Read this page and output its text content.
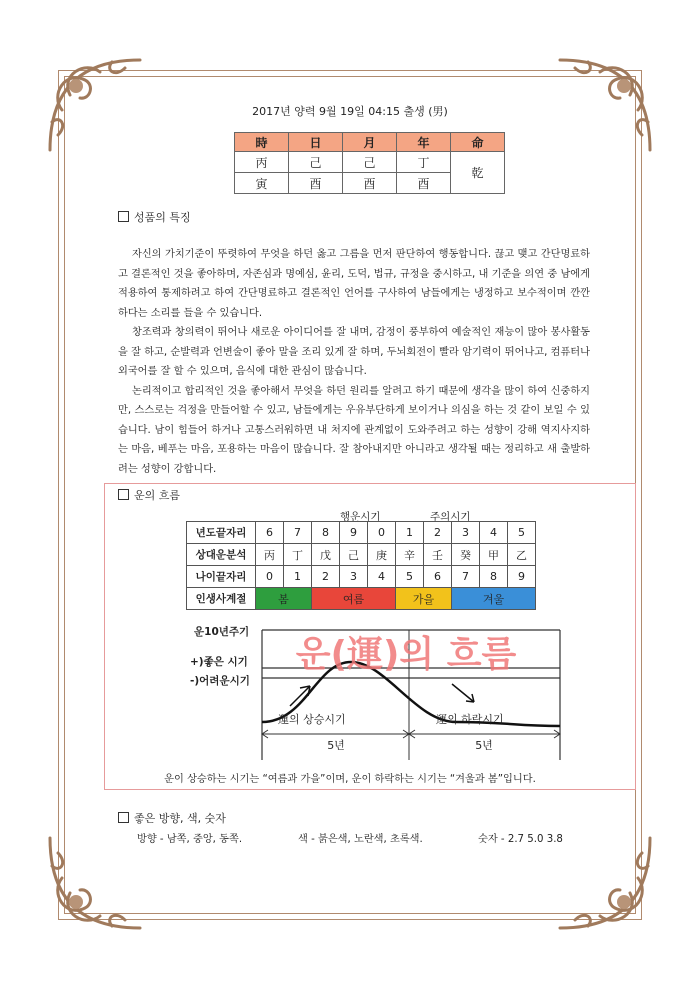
2017년 양력 9월 19일 04:15 출생 (男)
時	日	月	年	命
丙	己	己	丁	乾
寅	酉	酉	酉	
성품의 특징

자신의 가치기준이 뚜렷하여 무엇을 하던 옳고 그름을 먼저 판단하여 행동합니다. 끊고 맺고 간단명료하고 결론적인 것을 좋아하며, 자존심과 명예심, 윤리, 도덕, 법규, 규정을 중시하고, 내 기준을 의연 중 남에게 적용하여 통제하려고 하여 간단명료하고 결론적인 언어를 구사하여 남들에게는 냉정하고 보수적이며 깐깐하다는 소리를 들을 수 있습니다.

창조력과 창의력이 뛰어나 새로운 아이디어를 잘 내며, 감정이 풍부하여 예술적인 재능이 많아 봉사활동을 잘 하고, 순발력과 언변술이 좋아 말을 조리 있게 잘 하며, 두뇌회전이 빨라 암기력이 뛰어나고, 컴퓨터나 외국어를 잘 할 수 있으며, 음식에 대한 관심이 많습니다.

논리적이고 합리적인 것을 좋아해서 무엇을 하던 원리를 알려고 하기 때문에 생각을 많이 하여 신중하지만, 스스로는 걱정을 만들어할 수 있고, 남들에게는 우유부단하게 보이거나 의심을 하는 것 같이 보일 수 있습니다. 남이 힘들어 하거나 고통스러워하면 내 처지에 관계없이 도와주려고 하는 성향이 강해 역지사지하는 마음, 베푸는 마음, 포용하는 마음이 많습니다. 잘 참아내지만 아니라고 생각될 때는 정리하고 새 출발하려는 성향이 강합니다.

운의 흐름
행운시기	주의시기
년도끝자리	6	7	8	9	0	1	2	3	4	5
상대운분석	丙	丁	戊	己	庚	辛	壬	癸	甲	乙
나이끝자리	0	1	2	3	4	5	6	7	8	9
인생사계절	봄		여름			가을		겨울		
운10년주기
+)좋은 시기
-)어려운시기
운(運)의 흐름
運의 상승시기	運의 하락시기
5년	5년
운이 상승하는 시기는 “여름과 가을”이며, 운이 하락하는 시기는 “겨울과 봄”입니다.
좋은 방향, 색, 숫자
방향 - 남쪽, 중앙, 동쪽.	색 - 붉은색, 노란색, 초록색.	숫자 - 2.7 5.0 3.8
